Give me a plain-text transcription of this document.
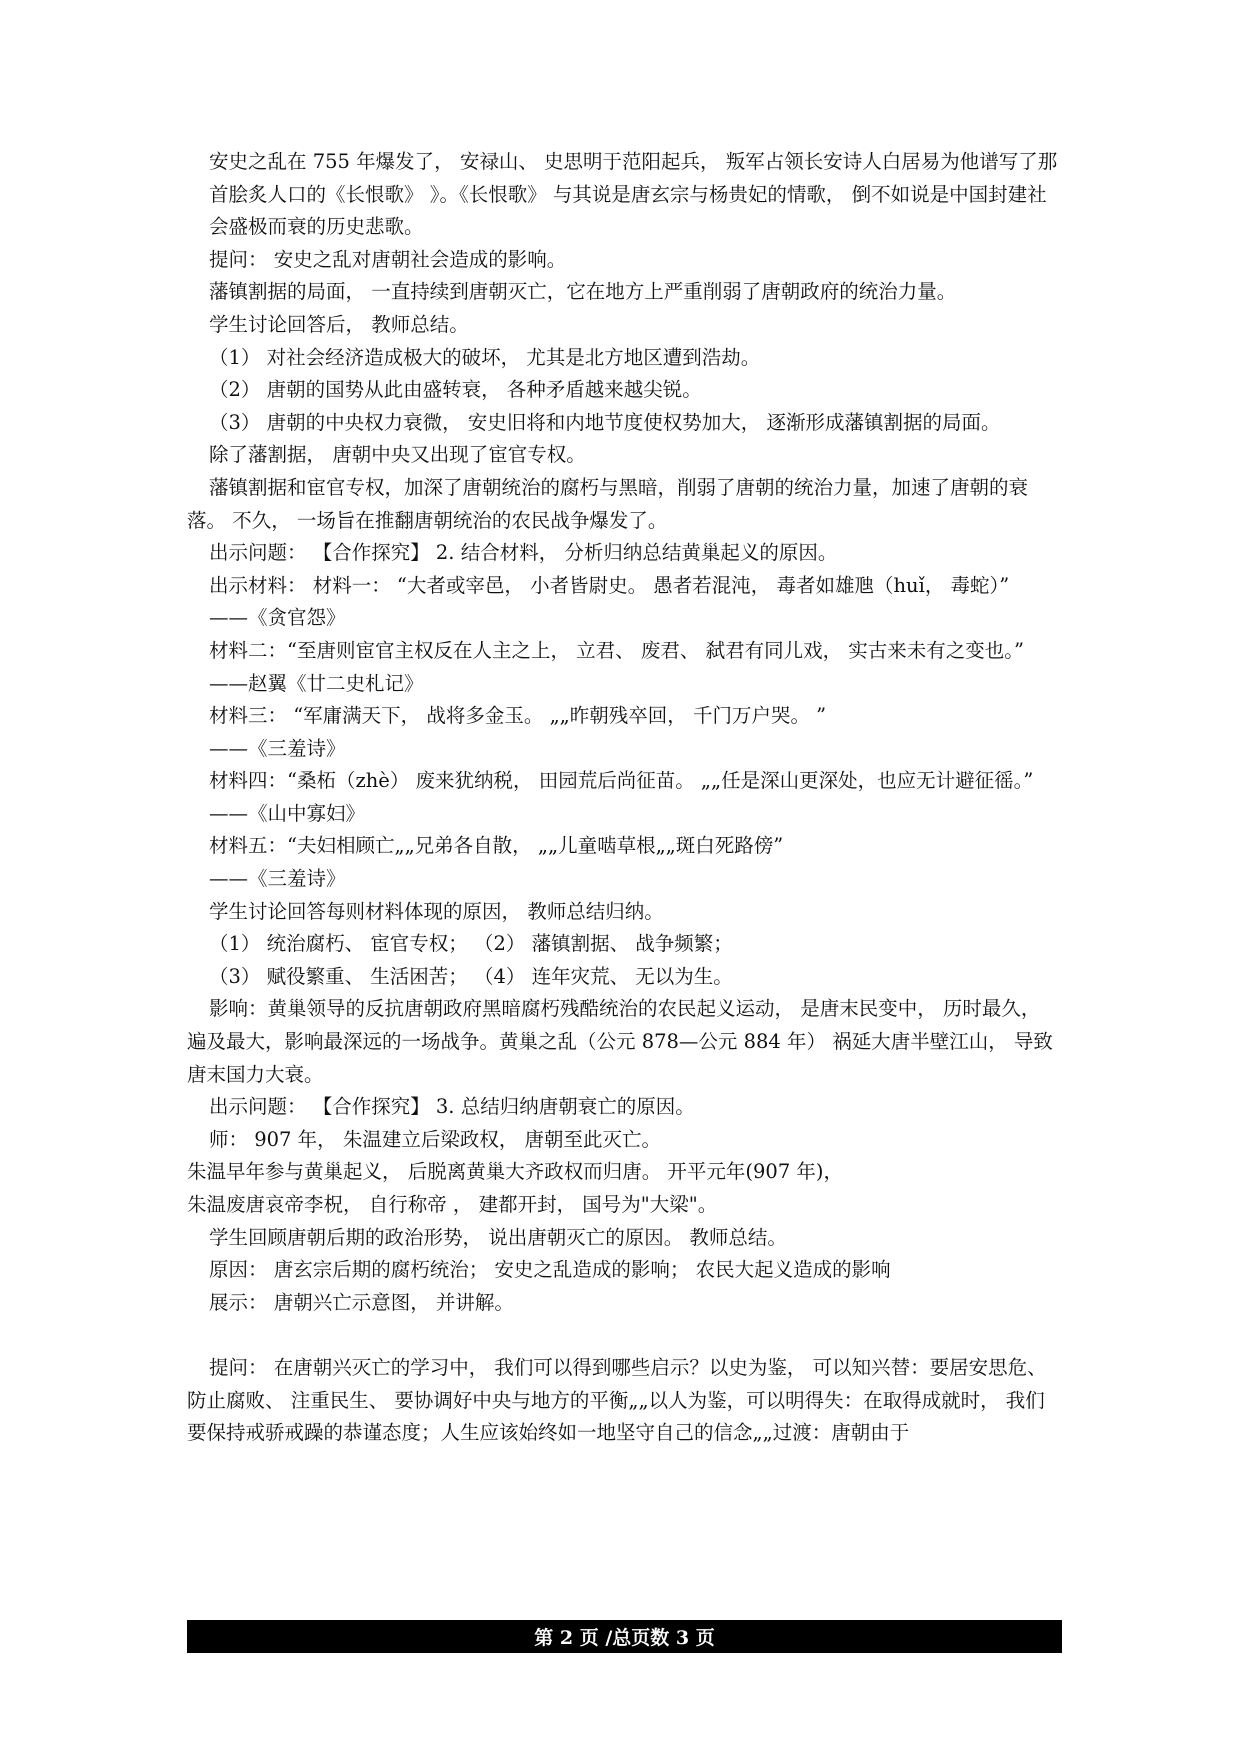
安史之乱在 755 年爆发了， 安禄山、 史思明于范阳起兵， 叛军占领长安诗人白居易为他谱写了那首脍炙人口的《长恨歌》 》。《长恨歌》 与其说是唐玄宗与杨贵妃的情歌， 倒不如说是中国封建社会盛极而衰的历史悲歌。

提问： 安史之乱对唐朝社会造成的影响。

藩镇割据的局面， 一直持续到唐朝灭亡，它在地方上严重削弱了唐朝政府的统治力量。

学生讨论回答后， 教师总结。

（1） 对社会经济造成极大的破坏， 尤其是北方地区遭到浩劫。

（2） 唐朝的国势从此由盛转衰， 各种矛盾越来越尖锐。

（3） 唐朝的中央权力衰微， 安史旧将和内地节度使权势加大， 逐渐形成藩镇割据的局面。

除了藩割据， 唐朝中央又出现了宦官专权。

藩镇割据和宦官专权，加深了唐朝统治的腐朽与黑暗，削弱了唐朝的统治力量，加速了唐朝的衰落。 不久， 一场旨在推翻唐朝统治的农民战争爆发了。

出示问题： 【合作探究】 2. 结合材料， 分析归纳总结黄巢起义的原因。

出示材料： 材料一： “大者或宰邑， 小者皆尉史。 愚者若混沌， 毒者如雄虺（huǐ， 毒蛇）”

——《贪官怨》

材料二：“至唐则宦官主权反在人主之上， 立君、 废君、 弑君有同儿戏， 实古来未有之变也。”

——赵翼《廿二史札记》

材料三： “军庸满天下， 战将多金玉。 „„昨朝残卒回， 千门万户哭。 ”

——《三羞诗》

材料四：“桑柘（zhè） 废来犹纳税， 田园荒后尚征苗。 „„任是深山更深处，也应无计避征徭。”

——《山中寡妇》

材料五：“夫妇相顾亡„„兄弟各自散， „„儿童啮草根„„斑白死路傍”

——《三羞诗》

学生讨论回答每则材料体现的原因， 教师总结归纳。

（1） 统治腐朽、 宦官专权； （2） 藩镇割据、 战争频繁；

（3） 赋役繁重、 生活困苦； （4） 连年灾荒、 无以为生。

影响：黄巢领导的反抗唐朝政府黑暗腐朽残酷统治的农民起义运动， 是唐末民变中， 历时最久， 遍及最大，影响最深远的一场战争。黄巢之乱（公元 878—公元 884 年） 祸延大唐半壁江山， 导致唐末国力大衰。

出示问题： 【合作探究】 3. 总结归纳唐朝衰亡的原因。

师： 907 年， 朱温建立后梁政权， 唐朝至此灭亡。

朱温早年参与黄巢起义， 后脱离黄巢大齐政权而归唐。 开平元年(907 年)，

朱温废唐哀帝李柷， 自行称帝 ， 建都开封， 国号为"大梁"。

学生回顾唐朝后期的政治形势， 说出唐朝灭亡的原因。 教师总结。

原因： 唐玄宗后期的腐朽统治； 安史之乱造成的影响； 农民大起义造成的影响

展示： 唐朝兴亡示意图， 并讲解。

提问： 在唐朝兴灭亡的学习中， 我们可以得到哪些启示？以史为鉴， 可以知兴替：要居安思危、 防止腐败、 注重民生、 要协调好中央与地方的平衡„„以人为鉴，可以明得失：在取得成就时， 我们要保持戒骄戒躁的恭谨态度；人生应该始终如一地坚守自己的信念„„过渡：唐朝由于

第 2 页 /总页数 3 页
